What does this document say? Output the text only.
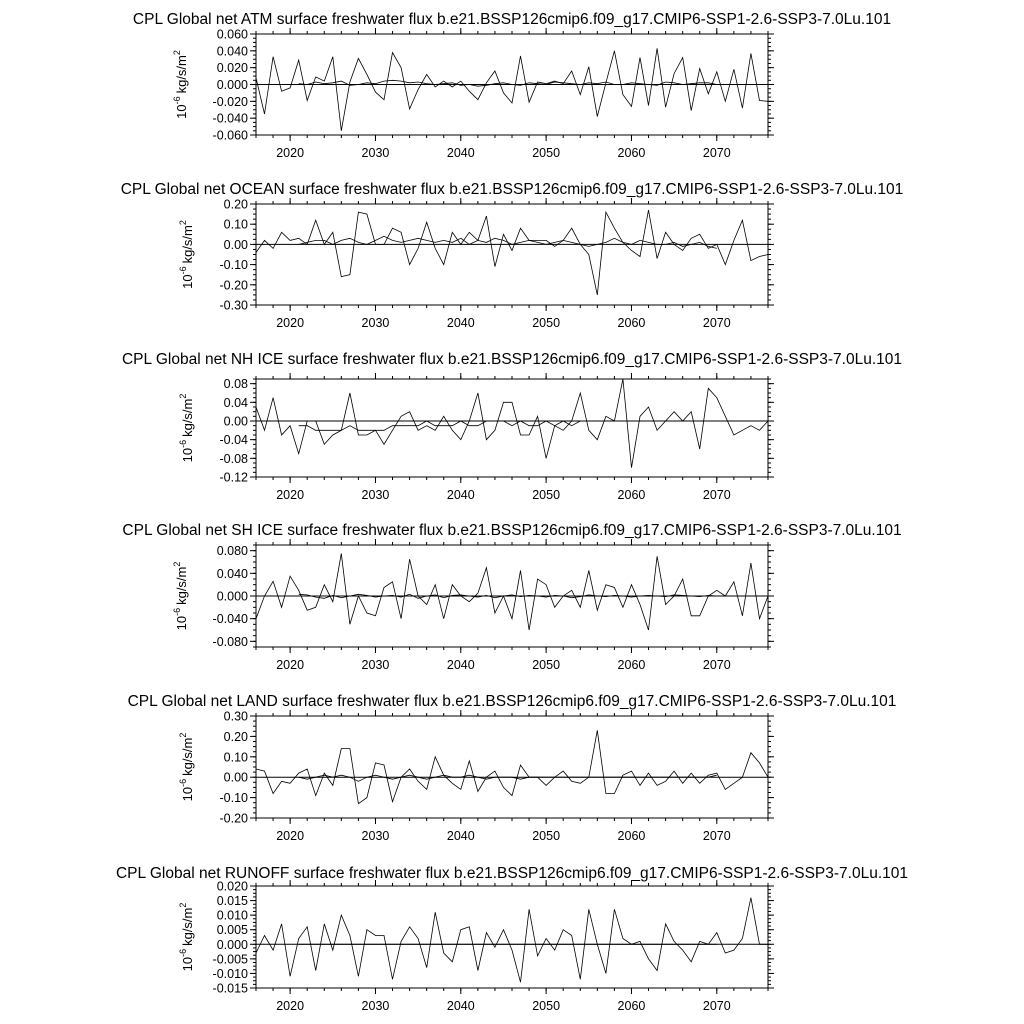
CPL Global net ATM surface freshwater flux b.e21.BSSP126cmip6.f09_g17.CMIP6-SSP1-2.6-SSP3-7.0Lu.101
2020	2030	2040	2050	2060	2070
-0.060
-0.040
-0.020
0.000
0.020
0.040
0.060
$10^{-6}kg/s/m^2$
CPL Global net OCEAN surface freshwater flux b.e21.BSSP126cmip6.f09_g17.CMIP6-SSP1-2.6-SSP3-7.0Lu.101
2020	2030	2040	2050	2060	2070
-0.30
-0.20
-0.10
0.00
0.10
0.20
$10^{-6}kg/s/m^2$
CPL Global net NH ICE surface freshwater flux b.e21.BSSP126cmip6.f09_g17.CMIP6-SSP1-2.6-SSP3-7.0Lu.101
2020	2030	2040	2050	2060	2070
-0.12
-0.08
-0.04
0.00
0.04
0.08
$10^{-6}kg/s/m^2$
CPL Global net SH ICE surface freshwater flux b.e21.BSSP126cmip6.f09_g17.CMIP6-SSP1-2.6-SSP3-7.0Lu.101
2020	2030	2040	2050	2060	2070
-0.080
-0.040
0.000
0.040
0.080
$10^{-6}kg/s/m^2$
CPL Global net LAND surface freshwater flux b.e21.BSSP126cmip6.f09_g17.CMIP6-SSP1-2.6-SSP3-7.0Lu.101
2020	2030	2040	2050	2060	2070
-0.20
-0.10
0.00
0.10
0.20
0.30
$10^{-6}kg/s/m^2$
CPL Global net RUNOFF surface freshwater flux b.e21.BSSP126cmip6.f09_g17.CMIP6-SSP1-2.6-SSP3-7.0Lu.101
2020	2030	2040	2050	2060	2070
-0.015
-0.010
-0.005
0.000
0.005
0.010
0.015
0.020
$10^{-6}kg/s/m^2$
